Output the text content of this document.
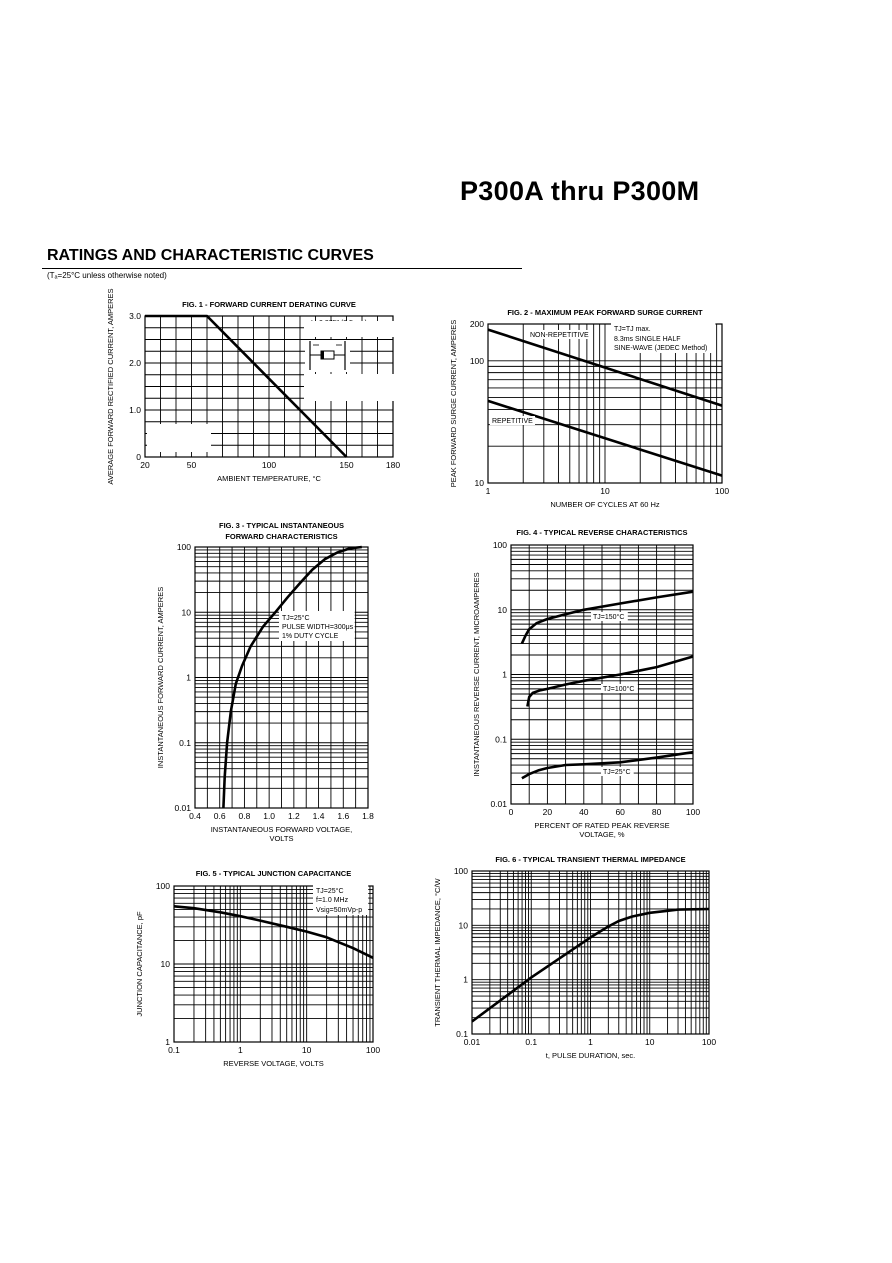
P300A thru P300M
RATINGS AND CHARACTERISTIC CURVES
(Tₐ=25°C unless otherwise noted)
FIG. 1 - FORWARD CURRENT DERATING CURVE
20	50	100	150	180
0
1.0
2.0
3.0
AMBIENT TEMPERATURE, °C
AVERAGE FORWARD RECTIFIED CURRENT, AMPERES	FIG. 2 - MAXIMUM PEAK FORWARD SURGE CURRENT
1	10	100
10
100
200
NUMBER OF CYCLES AT 60 Hz
PEAK FORWARD SURGE CURRENT, AMPERES	NON-REPETITIVE
REPETITIVE
TJ=TJ max.
8.3ms SINGLE HALF
SINE-WAVE (JEDEC Method)
FIG. 3 - TYPICAL INSTANTANEOUS
FORWARD CHARACTERISTICS
0.4 0.6 0.8 1.0 1.2 1.4 1.6 1.8
0.01
0.1
1
10
100
INSTANTANEOUS FORWARD VOLTAGE,
VOLTS
INSTANTANEOUS FORWARD CURRENT, AMPERES	TJ=25°C
PULSE WIDTH=300μs
1% DUTY CYCLE
FIG. 4 - TYPICAL REVERSE CHARACTERISTICS
0	20	40	60	80	100
0.01
0.1
1
10
100
PERCENT OF RATED PEAK REVERSE
VOLTAGE, %
INSTANTANEOUS REVERSE CURRENT, MICROAMPERES	TJ=150°C
TJ=100°C
TJ=25°C
FIG. 5 - TYPICAL JUNCTION CAPACITANCE
0.1	1	10	100
1
10
100
REVERSE VOLTAGE, VOLTS
JUNCTION CAPACITANCE, pF
TJ=25°C
f=1.0 MHz
Vsig=50mVp-p
FIG. 6 - TYPICAL TRANSIENT THERMAL IMPEDANCE
0.01	0.1	1	10	100
0.1
1
10
100
t, PULSE DURATION, sec.
TRANSIENT THERMAL IMPEDANCE, °C/W
